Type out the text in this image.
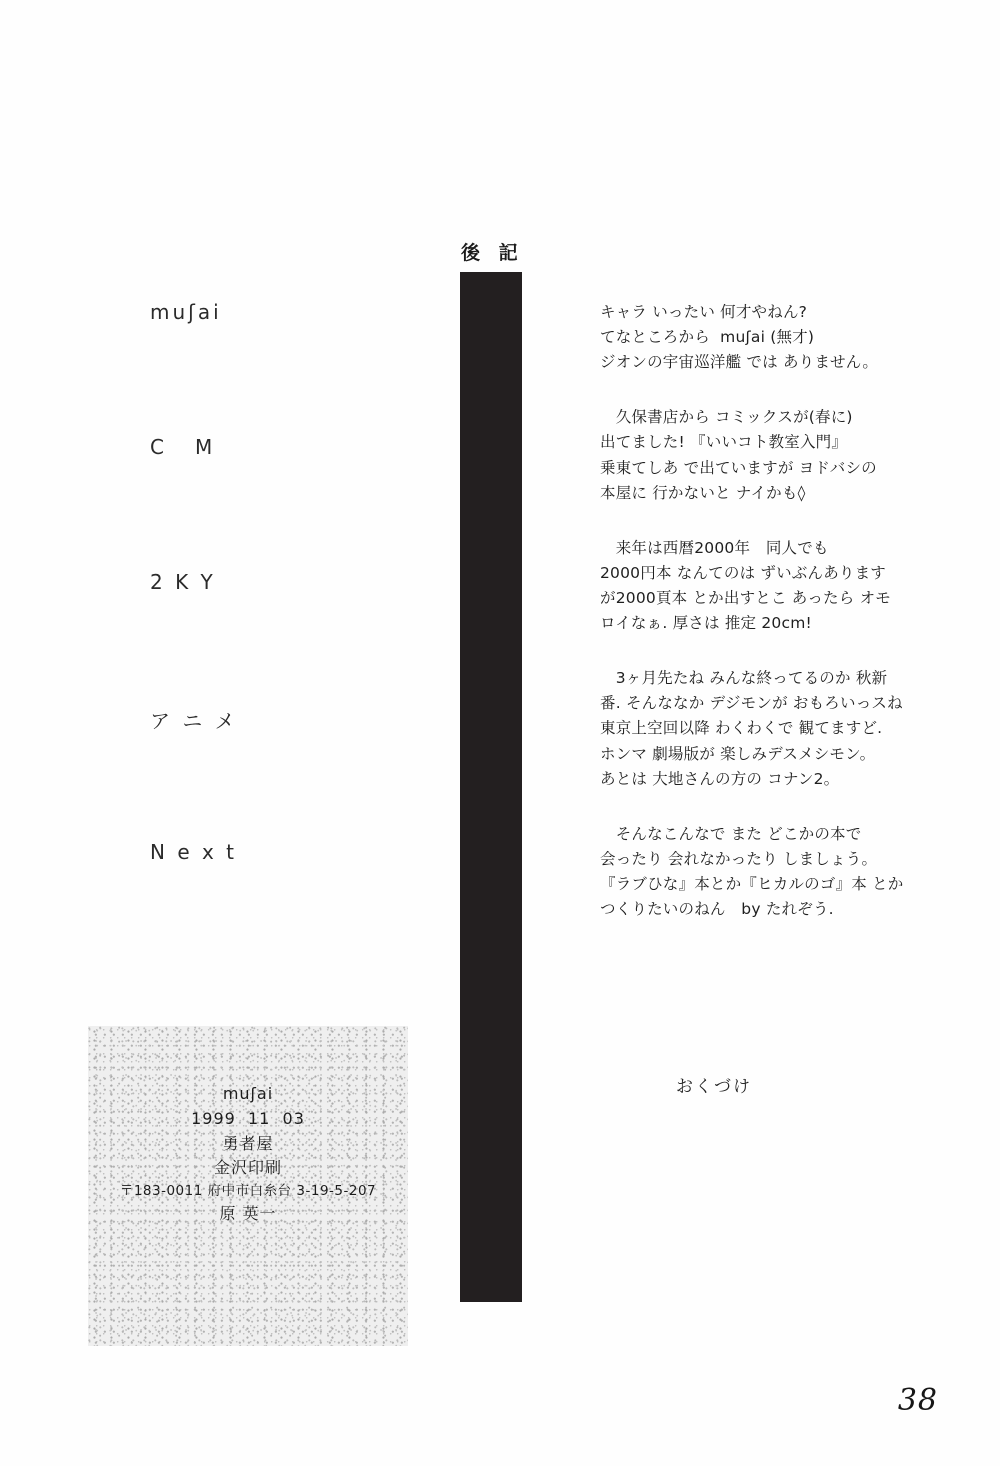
後 記
muʃai
C   M
2 K Y
ア ニ メ
N e x t
キャラ いったい 何才やねん?
てなところから  muʃai (無才)
ジオンの宇宙巡洋艦 では ありません。
　久保書店から コミックスが(春に)
出てました! 『いいコト教室入門』
乗東てしあ で出ていますが ヨドバシの
本屋に 行かないと ナイかも◊
　来年は西暦2000年　同人でも
2000円本 なんてのは ずいぶんあります
が2000頁本 とか出すとこ あったら オモ
ロイなぁ. 厚さは 推定 20cm!
　3ヶ月先たね みんな終ってるのか 秋新
番. そんななか デジモンが おもろいっスね
東京上空回以降 わくわくで 観てますど.
ホンマ 劇場版が 楽しみデスメシモン。
あとは 大地さんの方の コナン2。
　そんなこんなで また どこかの本で
会ったり 会れなかったり しましょう。
『ラブひな』本とか『ヒカルのゴ』本 とか
つくりたいのねん　by たれぞう.
おくづけ
muʃai
1999  11  03
勇者屋
金沢印刷
〒183-0011 府中市白糸台 3-19-5-207
原 英一
38
